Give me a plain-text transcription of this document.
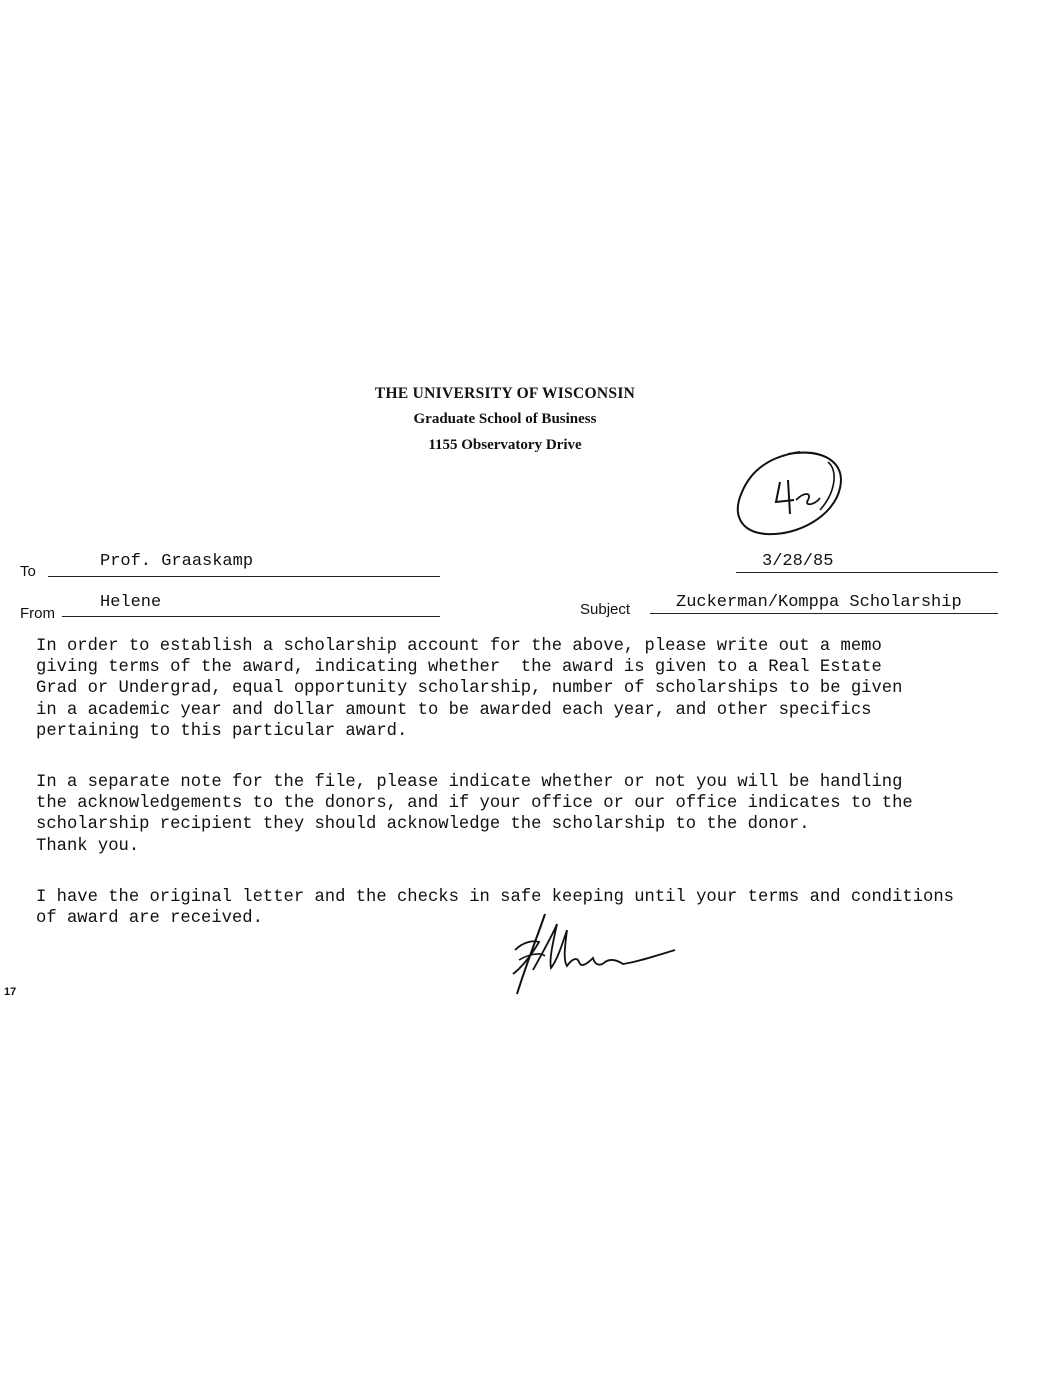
THE UNIVERSITY OF WISCONSIN
Graduate School of Business
1155 Observatory Drive	4
To
Prof. Graaskamp	3/28/85
From
Helene	Subject	Zuckerman/Komppa Scholarship
In order to establish a scholarship account for the above, please write out a memo
giving terms of the award, indicating whether  the award is given to a Real Estate
Grad or Undergrad, equal opportunity scholarship, number of scholarships to be given
in a academic year and dollar amount to be awarded each year, and other specifics
pertaining to this particular award.
In a separate note for the file, please indicate whether or not you will be handling
the acknowledgements to the donors, and if your office or our office indicates to the
scholarship recipient they should acknowledge the scholarship to the donor.
Thank you.
I have the original letter and the checks in safe keeping until your terms and conditions
of award are received.	Helene
17
